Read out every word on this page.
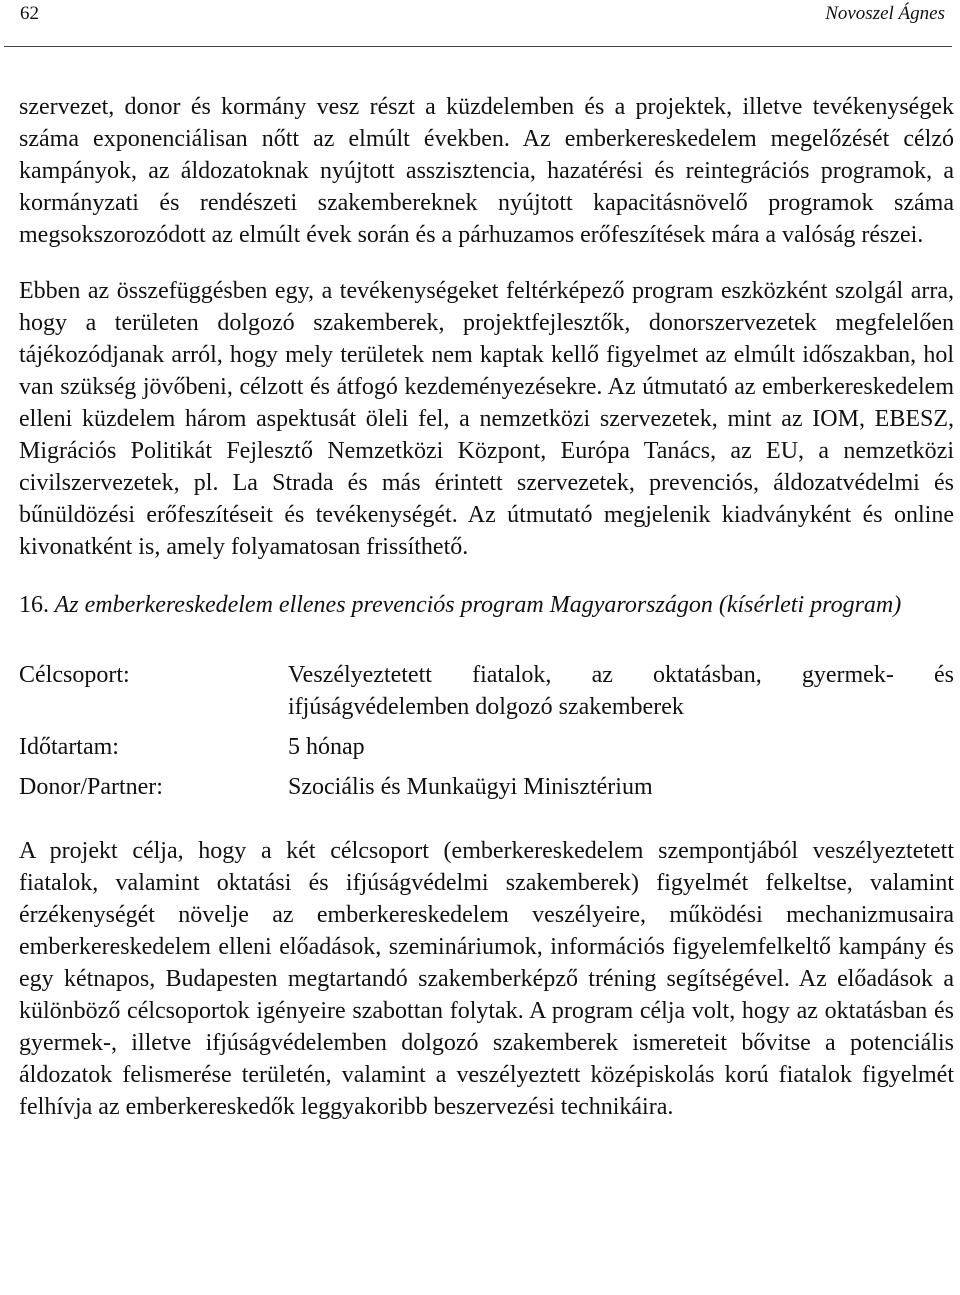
62	Novoszel Ágnes

szervezet, donor és kormány vesz részt a küzdelemben és a projektek, illetve tevékenységek száma exponenciálisan nőtt az elmúlt években. Az emberkereskedelem megelőzését célzó kampányok, az áldozatoknak nyújtott asszisztencia, hazatérési és reintegrációs programok, a kormányzati és rendészeti szakembereknek nyújtott kapacitásnövelő programok száma megsokszorozódott az elmúlt évek során és a párhuzamos erőfeszítések mára a valóság részei.

Ebben az összefüggésben egy, a tevékenységeket feltérképező program eszközként szolgál arra, hogy a területen dolgozó szakemberek, projektfejlesztők, donorszervezetek megfelelően tájékozódjanak arról, hogy mely területek nem kaptak kellő figyelmet az elmúlt időszakban, hol van szükség jövőbeni, célzott és átfogó kezdeményezésekre. Az útmutató az emberkereskedelem elleni küzdelem három aspektusát öleli fel, a nemzetközi szervezetek, mint az IOM, EBESZ, Migrációs Politikát Fejlesztő Nemzetközi Központ, Európa Tanács, az EU, a nemzetközi civilszervezetek, pl. La Strada és más érintett szervezetek, prevenciós, áldozatvédelmi és bűnüldözési erőfeszítéseit és tevékenységét. Az útmutató megjelenik kiadványként és online kivonatként is, amely folyamatosan frissíthető.

16. Az emberkereskedelem ellenes prevenciós program Magyarországon (kísérleti program)
Célcsoport:	Veszélyeztetett fiatalok, az oktatásban, gyermek- és ifjúságvédelemben dolgozó szakemberek
Időtartam:	5 hónap
Donor/Partner:	Szociális és Munkaügyi Minisztérium

A projekt célja, hogy a két célcsoport (emberkereskedelem szempontjából veszélyeztetett fiatalok, valamint oktatási és ifjúságvédelmi szakemberek) figyelmét felkeltse, valamint érzékenységét növelje az emberkereskedelem veszélyeire, működési mechanizmusaira emberkereskedelem elleni előadások, szemináriumok, információs figyelemfelkeltő kampány és egy kétnapos, Budapesten megtartandó szakemberképző tréning segítségével. Az előadások a különböző célcsoportok igényeire szabottan folytak. A program célja volt, hogy az oktatásban és gyermek-, illetve ifjúságvédelemben dolgozó szakemberek ismereteit bővitse a potenciális áldozatok felismerése területén, valamint a veszélyeztett középiskolás korú fiatalok figyelmét felhívja az emberkereskedők leggyakoribb beszervezési technikáira.
